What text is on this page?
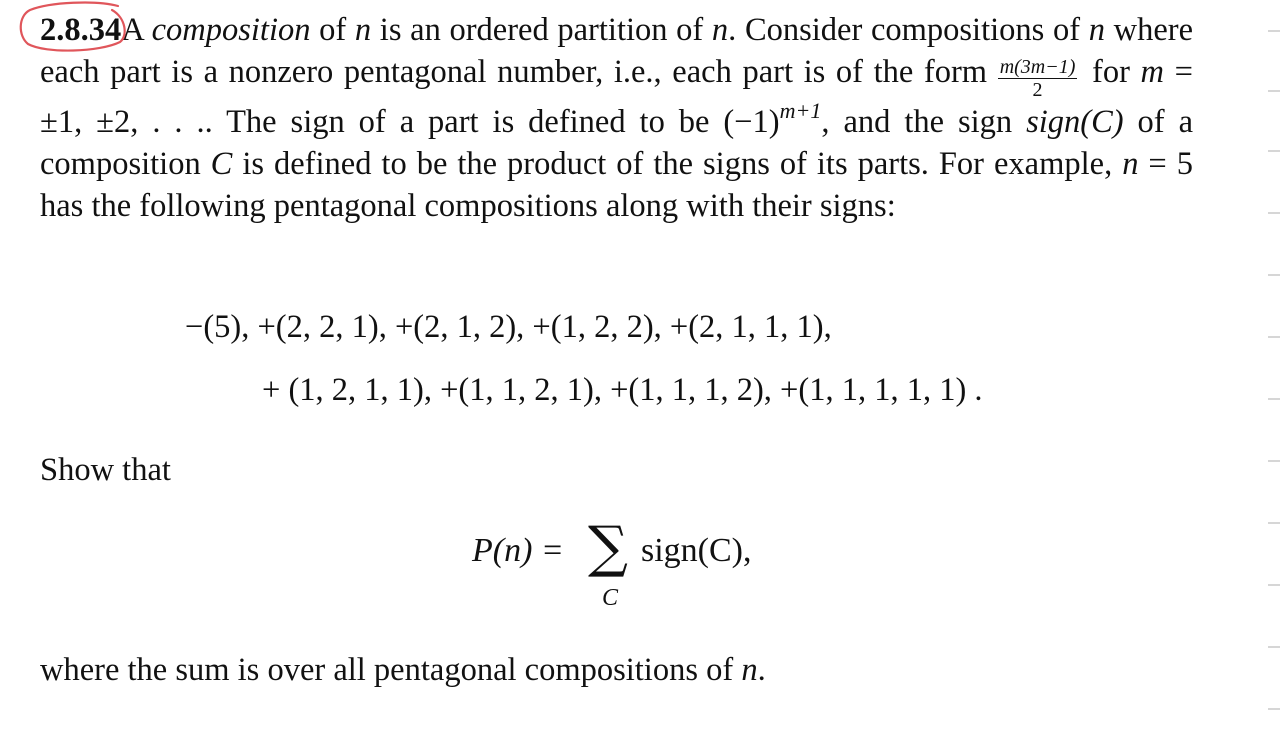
2.8.34A composition of n is an ordered partition of n. Consider compositions of n where each part is a nonzero pentagonal number, i.e., each part is of the form $\frac{m(3m-1)}{2}$ for m = ±1, ±2, . . .. The sign of a part is defined to be $(-1)^{m+1}$, and the sign sign(C) of a composition C is defined to be the product of the signs of its parts. For example, n = 5 has the following pentagonal compositions along with their signs:
−(5), +(2, 2, 1), +(2, 1, 2), +(1, 2, 2), +(2, 1, 1, 1),
+ (1, 2, 1, 1), +(1, 1, 2, 1), +(1, 1, 1, 2), +(1, 1, 1, 1, 1) .
Show that
P(n) = ∑
C
sign(C),
where the sum is over all pentagonal compositions of n.
